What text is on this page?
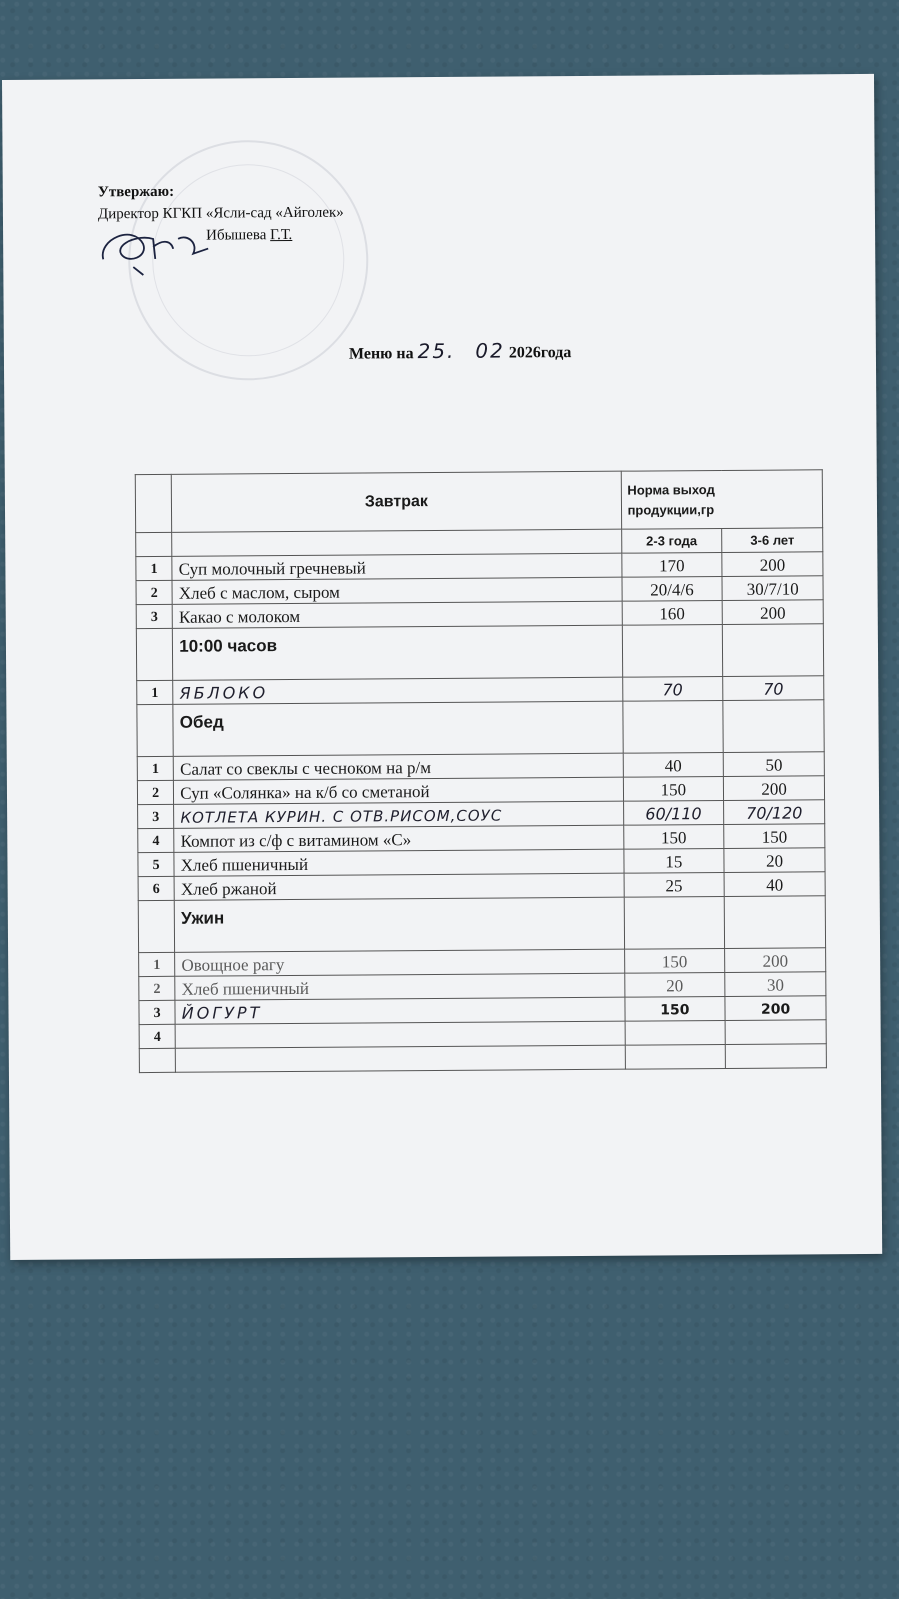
Утвержаю:
Директор КГКП «Ясли-сад «Айголек»
Ибышева Г.Т.
Меню на 25. 02 2026года
	Завтрак	Норма выход
продукции,гр	

		2-3 года	3-6 лет
1	Суп молочный гречневый	170	200
2	Хлеб с маслом, сыром	20/4/6	30/7/10
3	Какао с молоком	160	200
	10:00 часов		
1	ЯБЛОКО	70	70
	Обед		
1	Салат со свеклы с чесноком на р/м	40	50
2	Суп «Солянка» на к/б со сметаной	150	200
3	КОТЛЕТА КУРИН. С ОТВ.РИСОМ,СОУС	60/110	70/120
4	Компот из с/ф с витамином «С»	150	150
5	Хлеб пшеничный	15	20
6	Хлеб ржаной	25	40
	Ужин		
1	Овощное рагу	150	200
2	Хлеб пшеничный	20	30
3	ЙОГУРТ	150	200
4			
